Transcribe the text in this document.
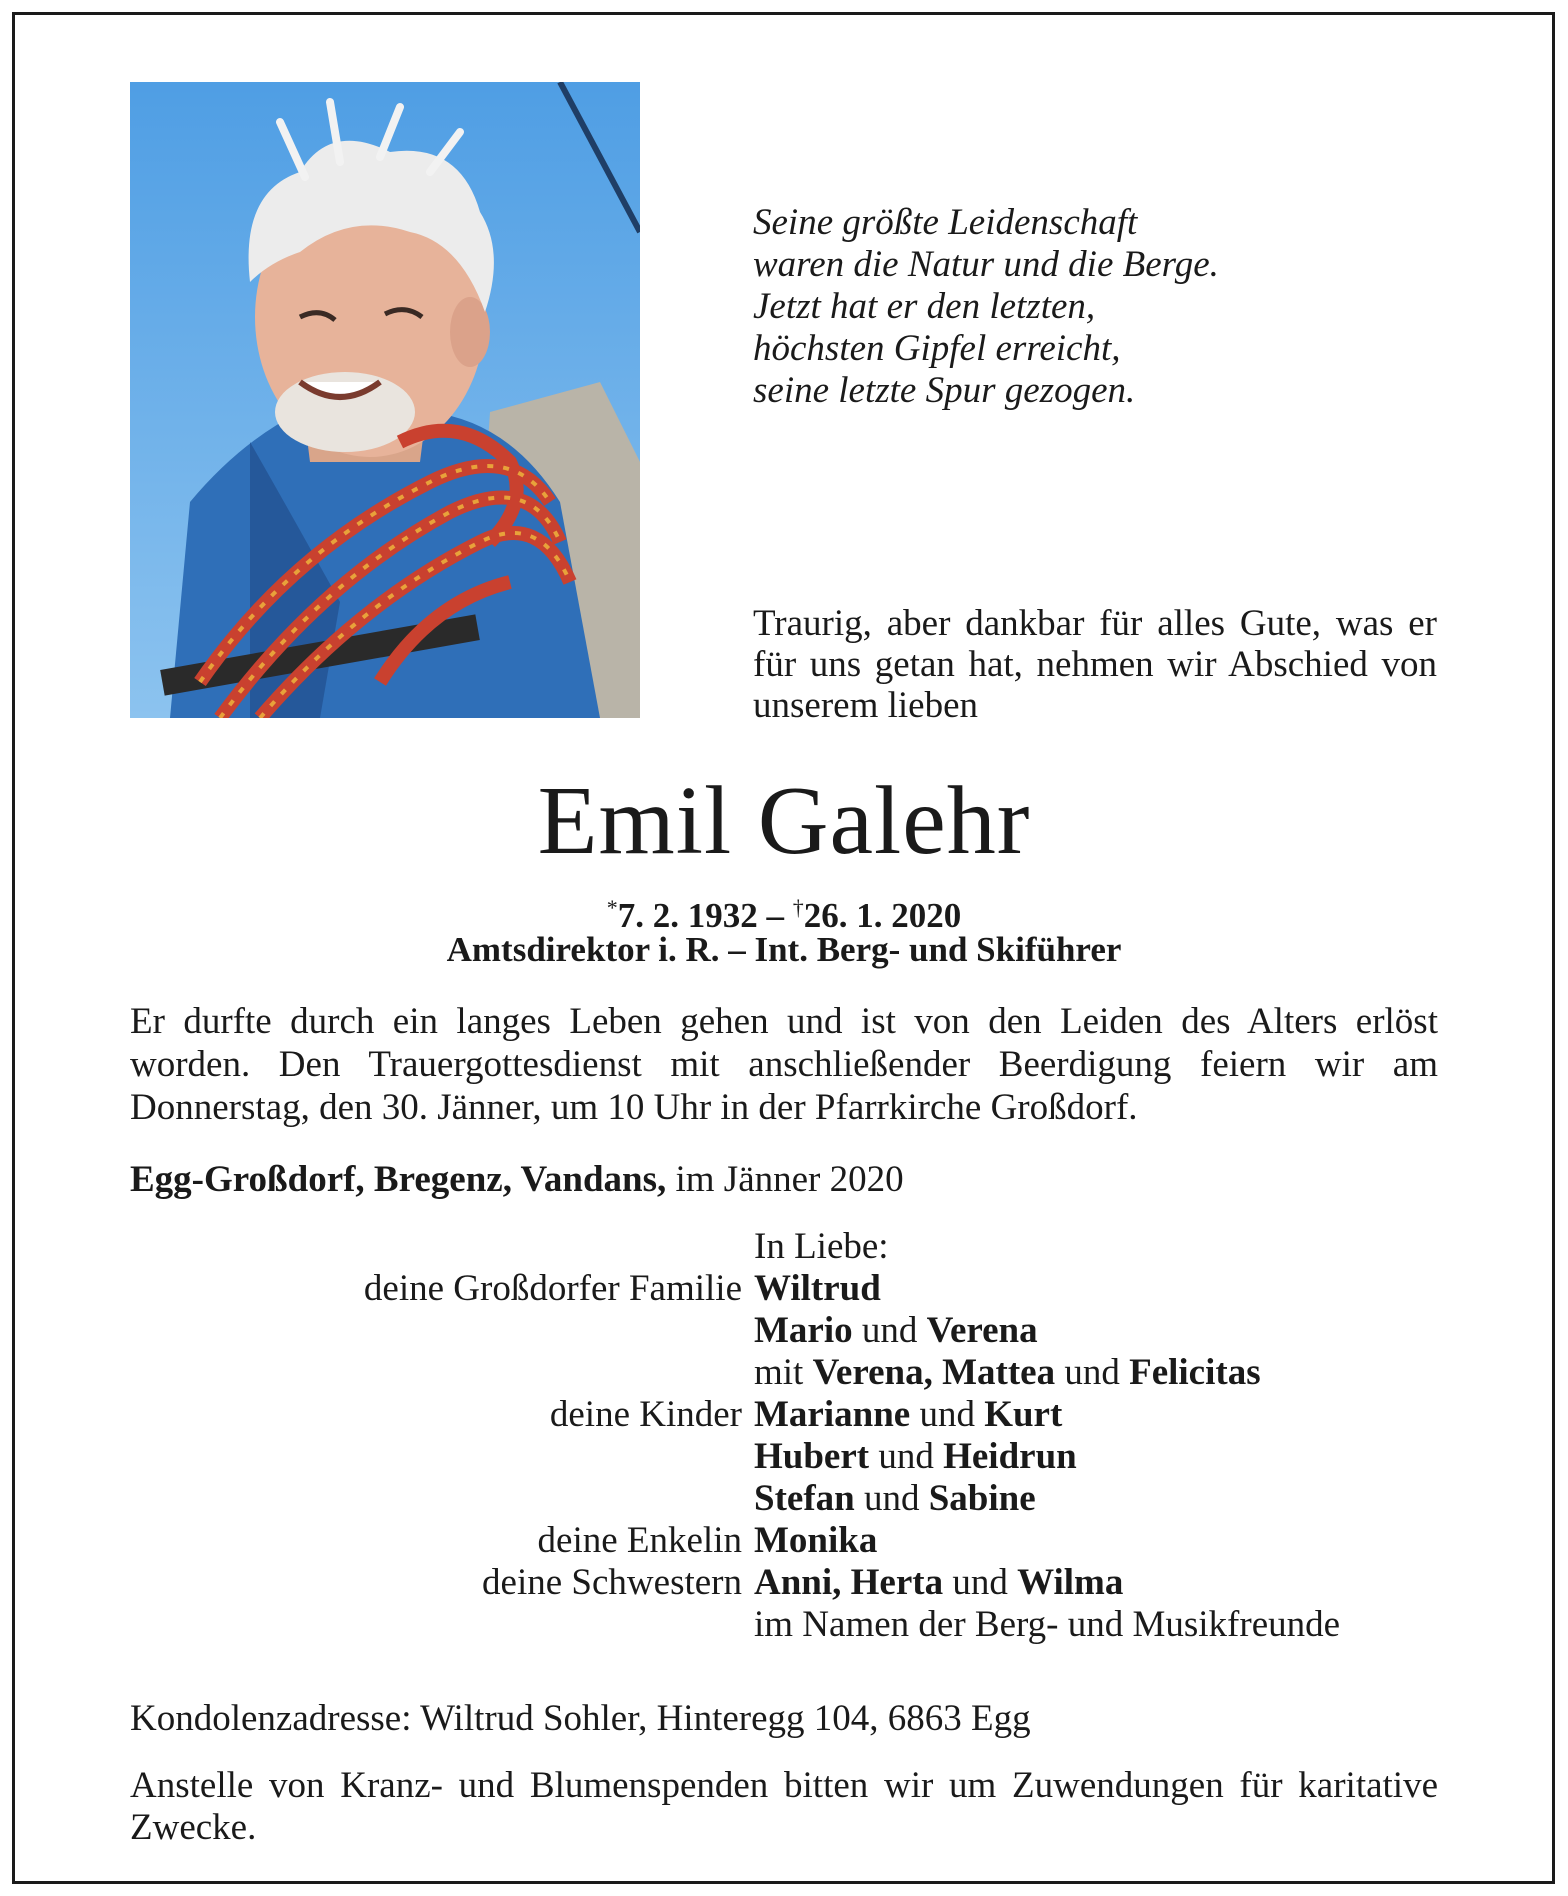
Seine größte Leidenschaft
waren die Natur und die Berge.
Jetzt hat er den letzten,
höchsten Gipfel erreicht,
seine letzte Spur gezogen.
Traurig, aber dankbar für alles Gute, was er für uns getan hat, nehmen wir Abschied von unserem lieben
Emil Galehr
*7. 2. 1932 – †26. 1. 2020
Amtsdirektor i. R. – Int. Berg- und Skiführer
Er durfte durch ein langes Leben gehen und ist von den Leiden des Alters erlöst worden. Den Trauergottesdienst mit anschließender Beerdigung feiern wir am Donnerstag, den 30. Jänner, um 10 Uhr in der Pfarrkirche Großdorf.
Egg-Großdorf, Bregenz, Vandans, im Jänner 2020
In Liebe:
deine Großdorfer Familie Wiltrud
Mario und Verena
mit Verena, Mattea und Felicitas
deine Kinder Marianne und Kurt
Hubert und Heidrun
Stefan und Sabine
deine Enkelin Monika
deine Schwestern Anni, Herta und Wilma
im Namen der Berg- und Musikfreunde
Kondolenzadresse: Wiltrud Sohler, Hinteregg 104, 6863 Egg
Anstelle von Kranz- und Blumenspenden bitten wir um Zuwendungen für karitative Zwecke.
